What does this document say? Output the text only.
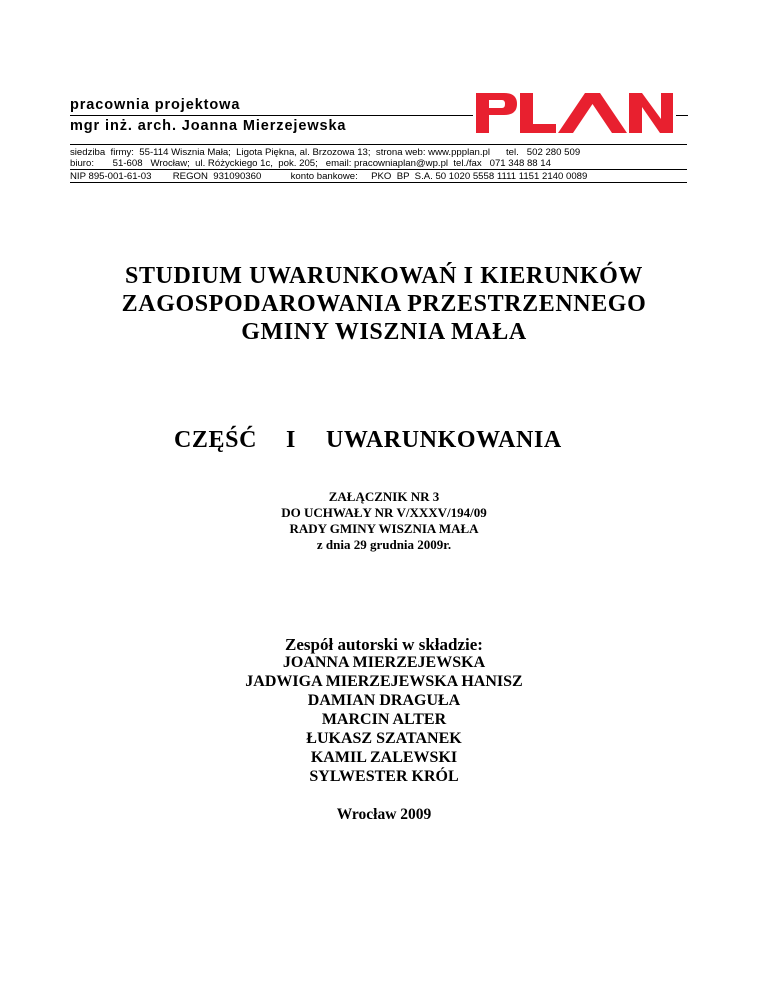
pracownia projektowa
mgr inż. arch. Joanna Mierzejewska
siedziba  firmy:  55-114 Wisznia Mała;  Ligota Piękna, al. Brzozowa 13;  strona web: www.ppplan.pl      tel.   502 280 509
biuro:       51-608   Wrocław;  ul. Różyckiego 1c,  pok. 205;   email: pracowniaplan@wp.pl  tel./fax   071 348 88 14
NIP 895-001-61-03        REGON  931090360           konto bankowe:     PKO  BP  S.A. 50 1020 5558 1111 1151 2140 0089
STUDIUM UWARUNKOWAŃ I KIERUNKÓW
ZAGOSPODAROWANIA PRZESTRZENNEGO
GMINY WISZNIA MAŁA
CZĘŚĆ I UWARUNKOWANIA
ZAŁĄCZNIK NR 3
DO UCHWAŁY NR V/XXXV/194/09
RADY GMINY WISZNIA MAŁA
z dnia 29 grudnia 2009r.
Zespół autorski w składzie:
JOANNA MIERZEJEWSKA
JADWIGA MIERZEJEWSKA HANISZ
DAMIAN DRAGUŁA
MARCIN ALTER
ŁUKASZ SZATANEK
KAMIL ZALEWSKI
SYLWESTER KRÓL
Wrocław 2009
